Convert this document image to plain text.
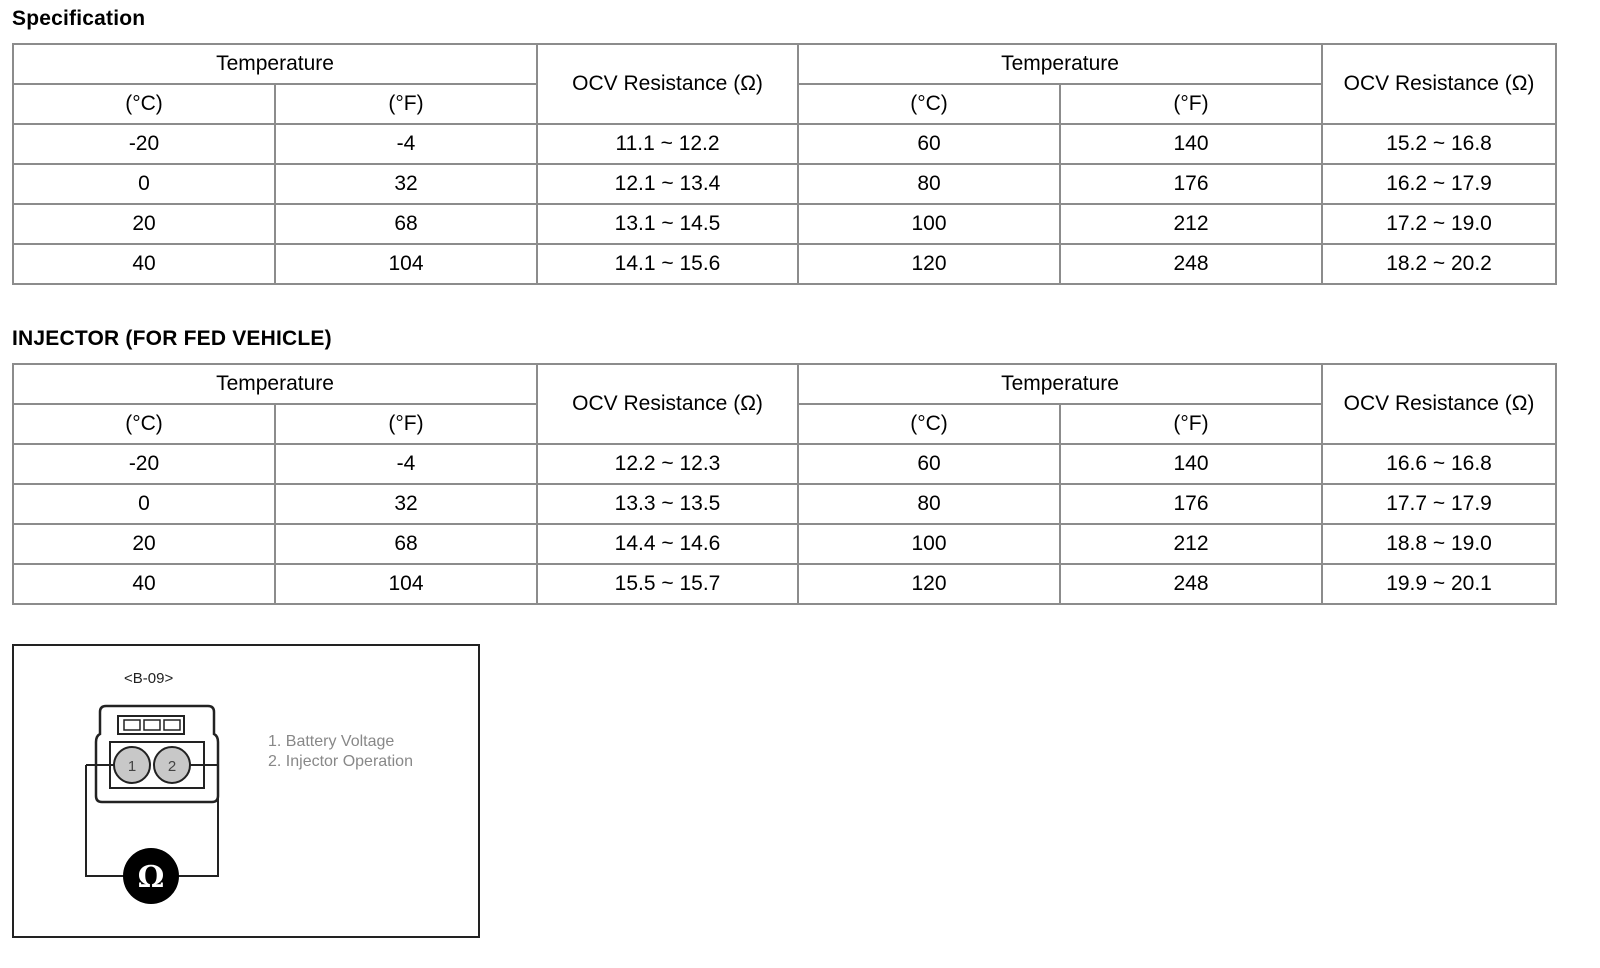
Specification
Temperature		OCV Resistance (Ω)	Temperature		OCV Resistance (Ω)
(°C)	(°F)		(°C)	(°F)	
-20	-4	11.1 ~ 12.2	60	140	15.2 ~ 16.8
0	32	12.1 ~ 13.4	80	176	16.2 ~ 17.9
20	68	13.1 ~ 14.5	100	212	17.2 ~ 19.0
40	104	14.1 ~ 15.6	120	248	18.2 ~ 20.2
INJECTOR (FOR FED VEHICLE)
Temperature		OCV Resistance (Ω)	Temperature		OCV Resistance (Ω)
(°C)	(°F)		(°C)	(°F)	
-20	-4	12.2 ~ 12.3	60	140	16.6 ~ 16.8
0	32	13.3 ~ 13.5	80	176	17.7 ~ 17.9
20	68	14.4 ~ 14.6	100	212	18.8 ~ 19.0
40	104	15.5 ~ 15.7	120	248	19.9 ~ 20.1
1 2
Ω
<B-09>
1. Battery Voltage
2. Injector Operation
